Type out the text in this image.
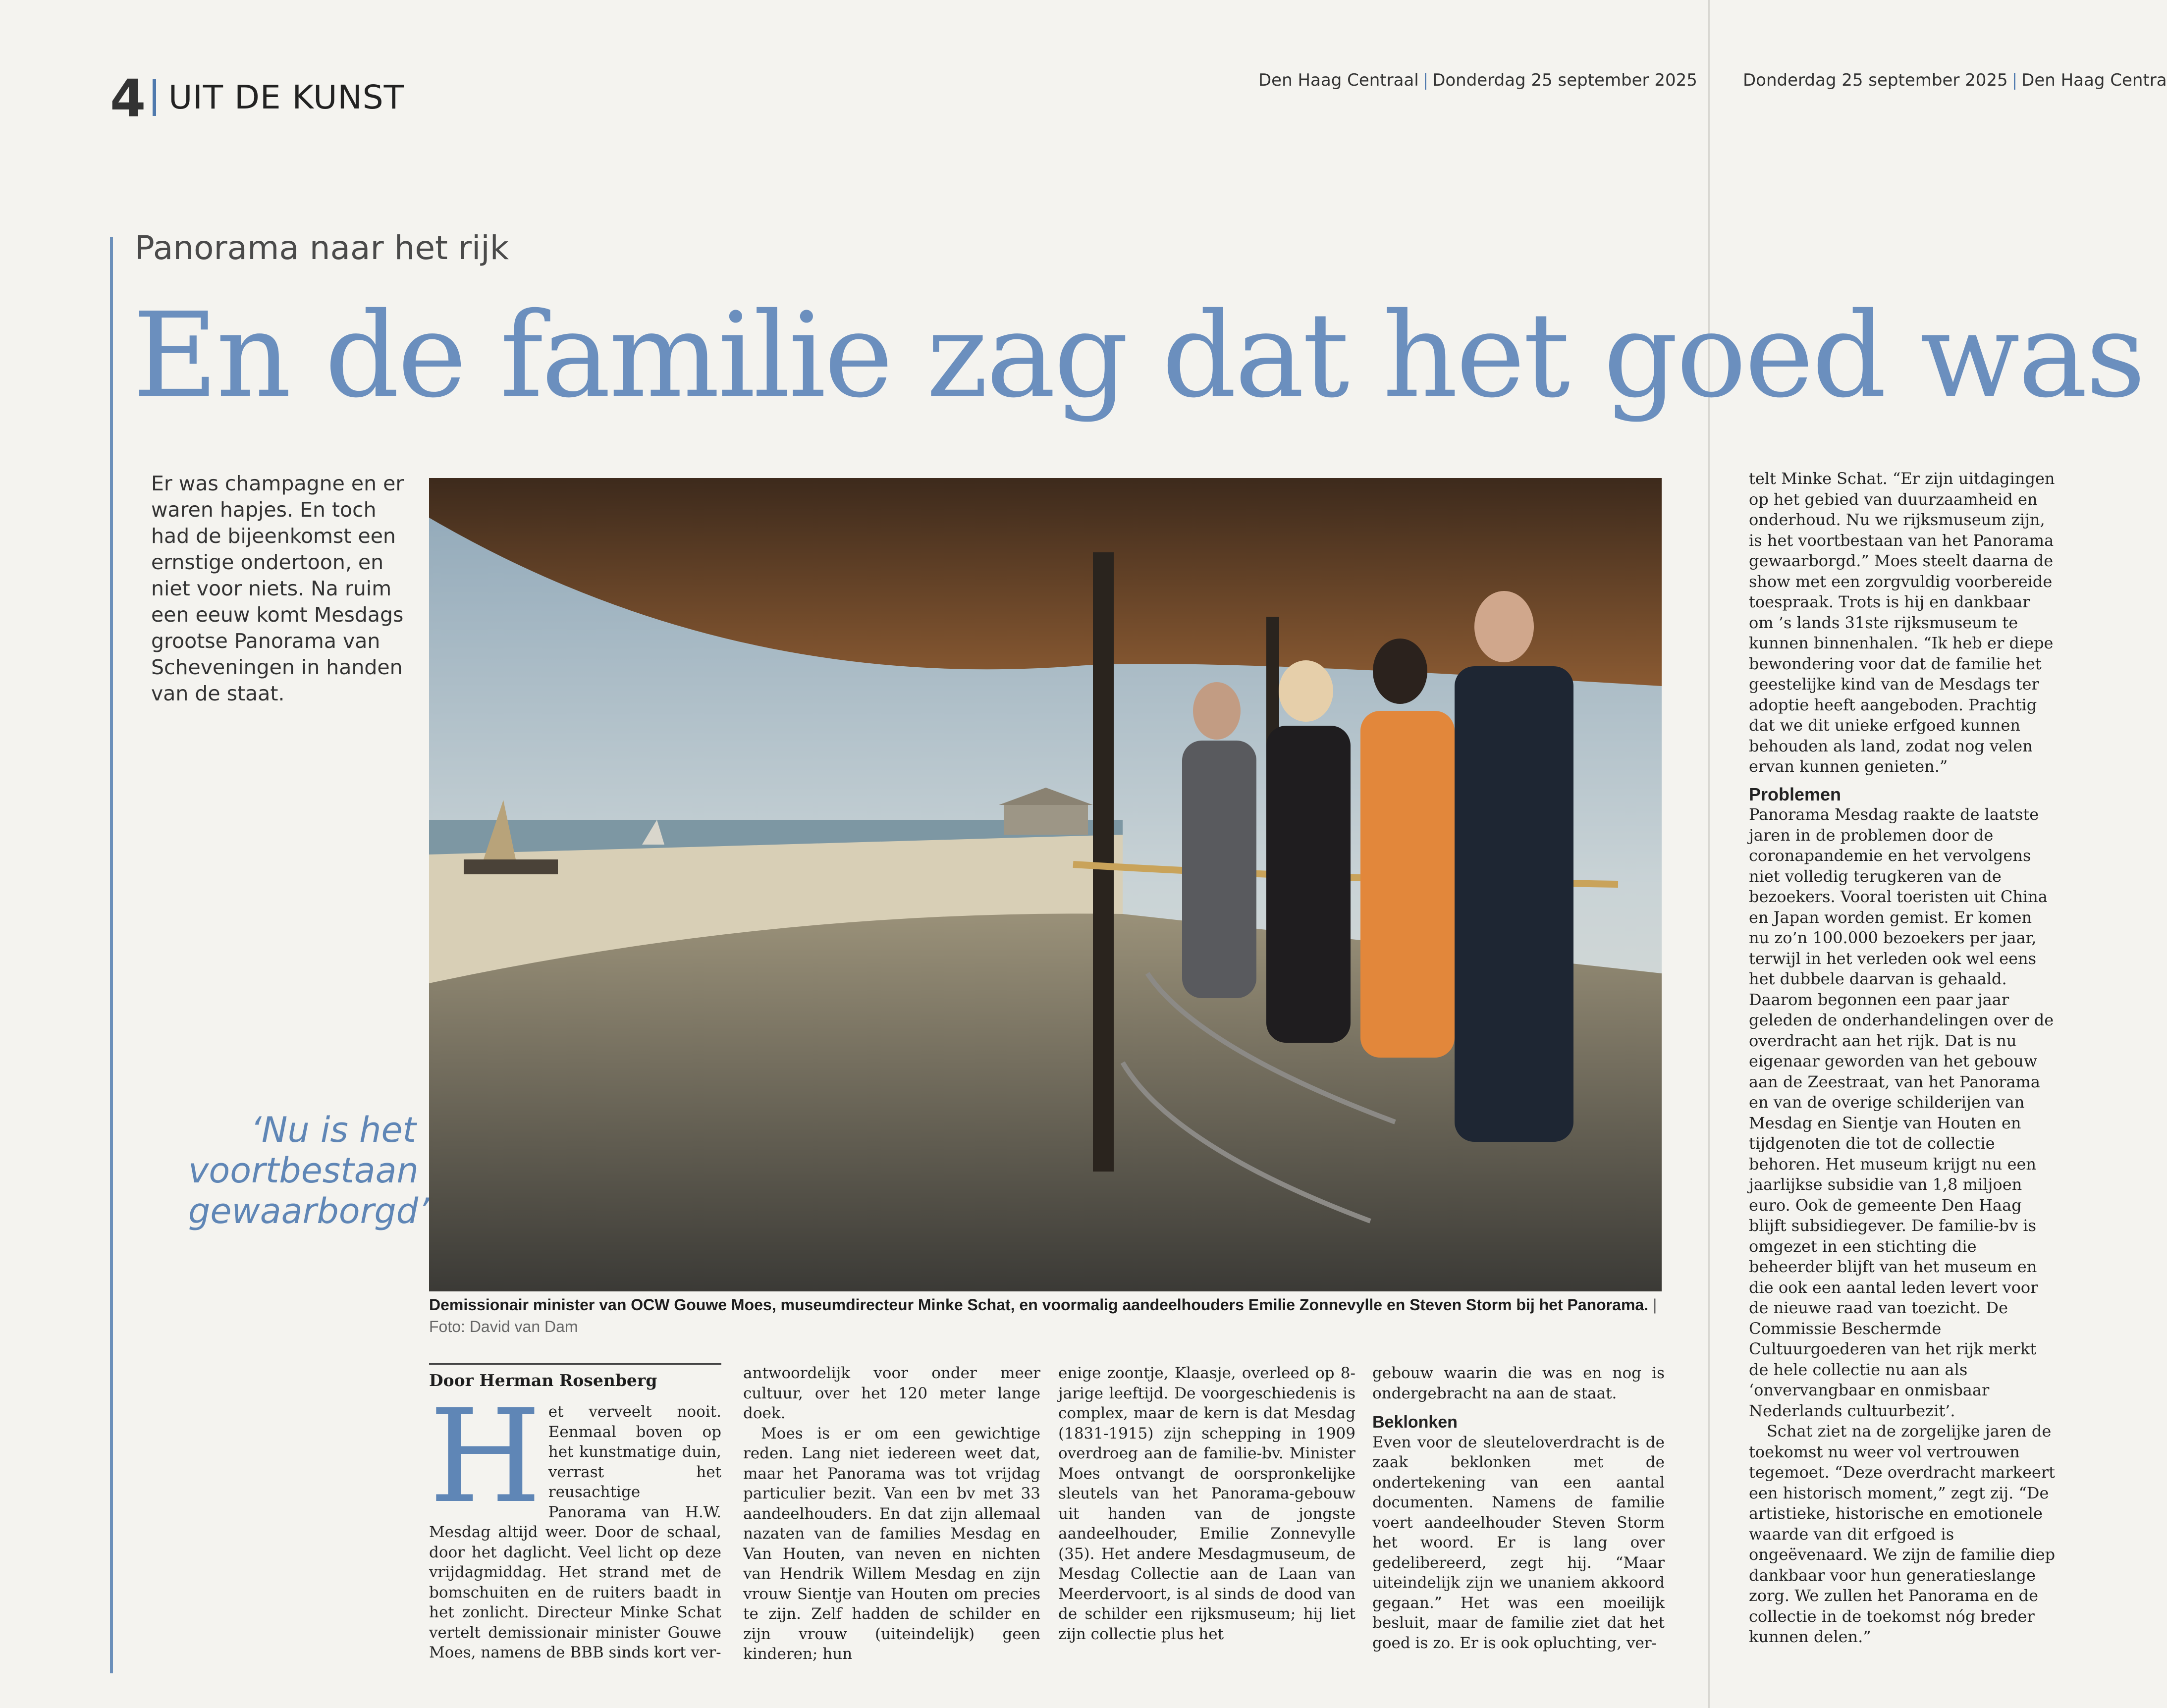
4 UIT DE KUNST	Den Haag Centraal | Donderdag 25 september 2025	Donderdag 25 september 2025 | Den Haag Centra
Panorama naar het rijk
En de familie zag dat het goed was
Er was champagne en er waren hapjes. En toch had de bijeenkomst een ernstige ondertoon, en niet voor niets. Na ruim een eeuw komt Mesdags grootse Panorama van Scheveningen in handen van de staat.
‘Nu is het voortbestaan gewaarborgd’
Demissionair minister van OCW Gouwe Moes, museumdirecteur Minke Schat, en voormalig aandeelhouders Emilie Zonnevylle en Steven Storm bij het Panorama. | Foto: David van Dam
Door Herman Rosenberg
H et verveelt nooit. Eenmaal boven op het kunstmatige duin, verrast het reusachtige Panorama van H.W. Mesdag altijd weer. Door de schaal, door het daglicht. Veel licht op deze vrijdagmiddag. Het strand met de bomschuiten en de ruiters baadt in het zonlicht. Directeur Minke Schat vertelt demissionair minister Gouwe Moes, namens de BBB sinds kort ver-

antwoordelijk voor onder meer cultuur, over het 120 meter lange doek.

Moes is er om een gewichtige reden. Lang niet iedereen weet dat, maar het Panorama was tot vrijdag particulier bezit. Van een bv met 33 aandeelhouders. En dat zijn allemaal nazaten van de families Mesdag en Van Houten, van neven en nichten van Hendrik Willem Mesdag en zijn vrouw Sientje van Houten om precies te zijn. Zelf hadden de schilder en zijn vrouw (uiteindelijk) geen kinderen; hun

enige zoontje, Klaasje, overleed op 8-jarige leeftijd. De voorgeschiedenis is complex, maar de kern is dat Mesdag (1831-1915) zijn schepping in 1909 overdroeg aan de familie-bv. Minister Moes ontvangt de oorspronkelijke sleutels van het Panorama-gebouw uit handen van de jongste aandeelhouder, Emilie Zonnevylle (35). Het andere Mesdagmuseum, de Mesdag Collectie aan de Laan van Meerdervoort, is al sinds de dood van de schilder een rijksmuseum; hij liet zijn collectie plus het

gebouw waarin die was en nog is ondergebracht na aan de staat.

Beklonken

Even voor de sleuteloverdracht is de zaak beklonken met de ondertekening van een aantal documenten. Namens de familie voert aandeelhouder Steven Storm het woord. Er is lang over gedelibereerd, zegt hij. “Maar uiteindelijk zijn we unaniem akkoord gegaan.” Het was een moeilijk besluit, maar de familie ziet dat het goed is zo. Er is ook opluchting, ver-

telt Minke Schat. “Er zijn uitdagingen op het gebied van duurzaamheid en onderhoud. Nu we rijksmuseum zijn, is het voortbestaan van het Panorama gewaarborgd.” Moes steelt daarna de show met een zorgvuldig voorbereide toespraak. Trots is hij en dankbaar om ’s lands 31ste rijksmuseum te kunnen binnenhalen. “Ik heb er diepe bewondering voor dat de familie het geestelijke kind van de Mesdags ter adoptie heeft aangeboden. Prachtig dat we dit unieke erfgoed kunnen behouden als land, zodat nog velen ervan kunnen genieten.”

Problemen

Panorama Mesdag raakte de laatste jaren in de problemen door de coronapandemie en het vervolgens niet volledig terugkeren van de bezoekers. Vooral toeristen uit China en Japan worden gemist. Er komen nu zo’n 100.000 bezoekers per jaar, terwijl in het verleden ook wel eens het dubbele daarvan is gehaald. Daarom begonnen een paar jaar geleden de onderhandelingen over de overdracht aan het rijk. Dat is nu eigenaar geworden van het gebouw aan de Zeestraat, van het Panorama en van de overige schilderijen van Mesdag en Sientje van Houten en tijdgenoten die tot de collectie behoren. Het museum krijgt nu een jaarlijkse subsidie van 1,8 miljoen euro. Ook de gemeente Den Haag blijft subsidiegever. De familie-bv is omgezet in een stichting die beheerder blijft van het museum en die ook een aantal leden levert voor de nieuwe raad van toezicht. De Commissie Beschermde Cultuurgoederen van het rijk merkt de hele collectie nu aan als ‘onvervangbaar en onmisbaar Nederlands cultuurbezit’.

Schat ziet na de zorgelijke jaren de toekomst nu weer vol vertrouwen tegemoet. “Deze overdracht markeert een historisch moment,” zegt zij. “De artistieke, historische en emotionele waarde van dit erfgoed is ongeëvenaard. We zijn de familie diep dankbaar voor hun generatieslange zorg. We zullen het Panorama en de collectie in de toekomst nóg breder kunnen delen.”
